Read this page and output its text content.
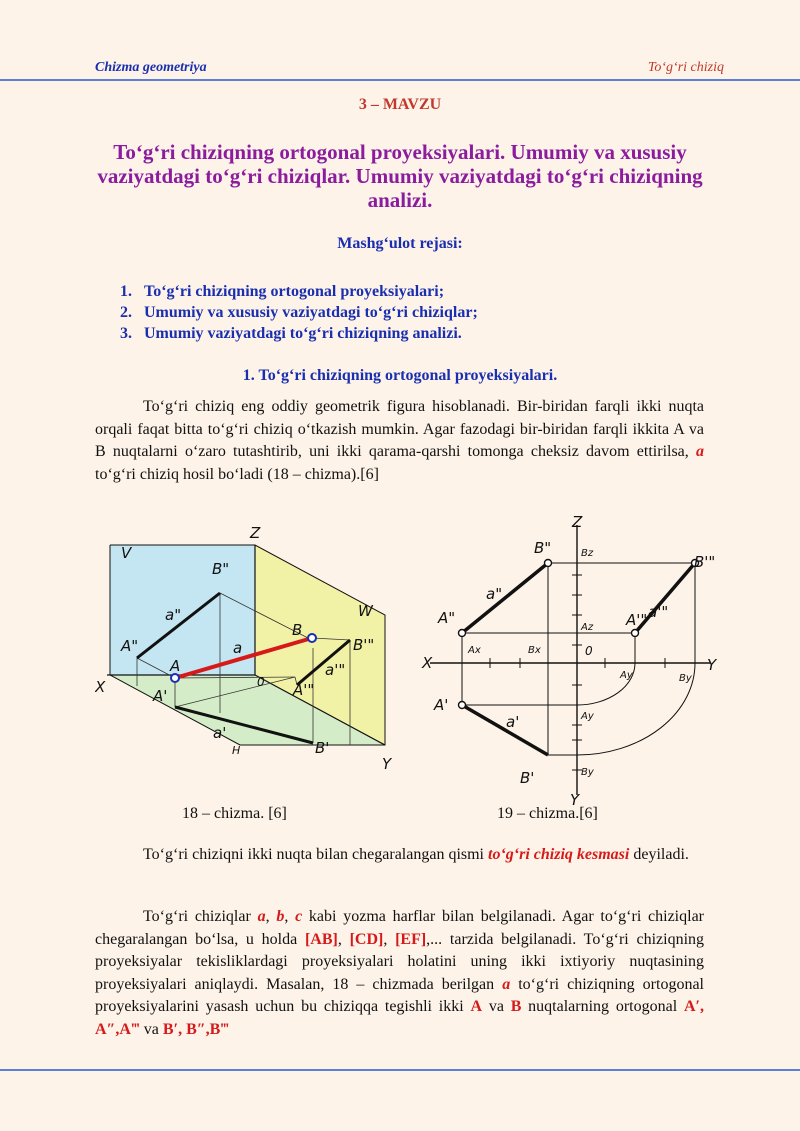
Chizma geometriya	To‘g‘ri chiziq
3 – MAVZU
To‘g‘ri chiziqning ortogonal proyeksiyalari. Umumiy va xususiy vaziyatdagi to‘g‘ri chiziqlar. Umumiy vaziyatdagi to‘g‘ri chiziqning analizi.
Mashg‘ulot rejasi:
1. To‘g‘ri chiziqning ortogonal proyeksiyalari;
2. Umumiy va xususiy vaziyatdagi to‘g‘ri chiziqlar;
3. Umumiy vaziyatdagi to‘g‘ri chiziqning analizi.
1. To‘g‘ri chiziqning ortogonal proyeksiyalari.

To‘g‘ri chiziq eng oddiy geometrik figura hisoblanadi. Bir-biridan farqli ikki nuqta orqali faqat bitta to‘g‘ri chiziq o‘tkazish mumkin. Agar fazodagi bir-biridan farqli ikkita A va B nuqtalarni o‘zaro tutashtirib, uni ikki qarama-qarshi tomonga cheksiz davom ettirilsa, a to‘g‘ri chiziq hosil bo‘ladi (18 – chizma).[6]

V
W
Z
X
Y
0
A
B
a
A"
B"
a"
A'"
B'"
a'"
A'
B'
a'
H
Z
X	Y
Y
0
A"
B"
a"
A'
B'
a'
A'"
B'"
a'"
Ax	Bx
Az
Bz
Ay	By
Ay
By
18 – chizma. [6]	19 – chizma.[6]

To‘g‘ri chiziqni ikki nuqta bilan chegaralangan qismi to‘g‘ri chiziq kesmasi deyiladi.

To‘g‘ri chiziqlar a, b, c kabi yozma harflar bilan belgilanadi. Agar to‘g‘ri chiziqlar chegaralangan bo‘lsa, u holda [AB], [CD], [EF],... tarzida belgilanadi. To‘g‘ri chiziqning proyeksiyalar tekisliklardagi proyeksiyalari holatini uning ikki ixtiyoriy nuqtasining proyeksiyalari aniqlaydi. Masalan, 18 – chizmada berilgan a to‘g‘ri chiziqning ortogonal proyeksiyalarini yasash uchun bu chiziqqa tegishli ikki A va B nuqtalarning ortogonal A′, A″,A‴ va B′, B″,B‴
